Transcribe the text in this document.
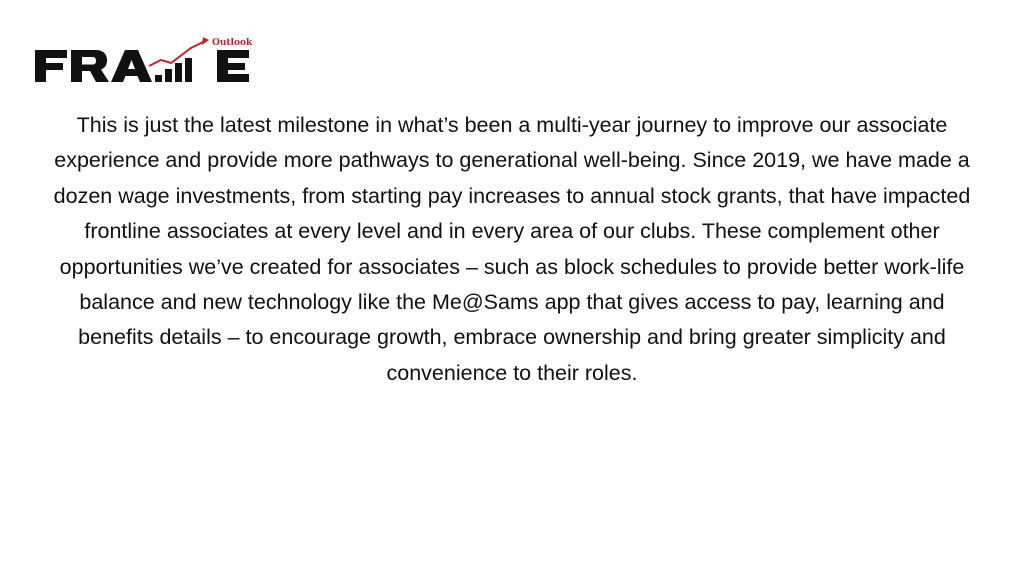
Outlook
This is just the latest milestone in what’s been a multi-year journey to improve our associate experience and provide more pathways to generational well-being. Since 2019, we have made a dozen wage investments, from starting pay increases to annual stock grants, that have impacted frontline associates at every level and in every area of our clubs. These complement other opportunities we’ve created for associates – such as block schedules to provide better work-life balance and new technology like the Me@Sams app that gives access to pay, learning and benefits details – to encourage growth, embrace ownership and bring greater simplicity and convenience to their roles.
